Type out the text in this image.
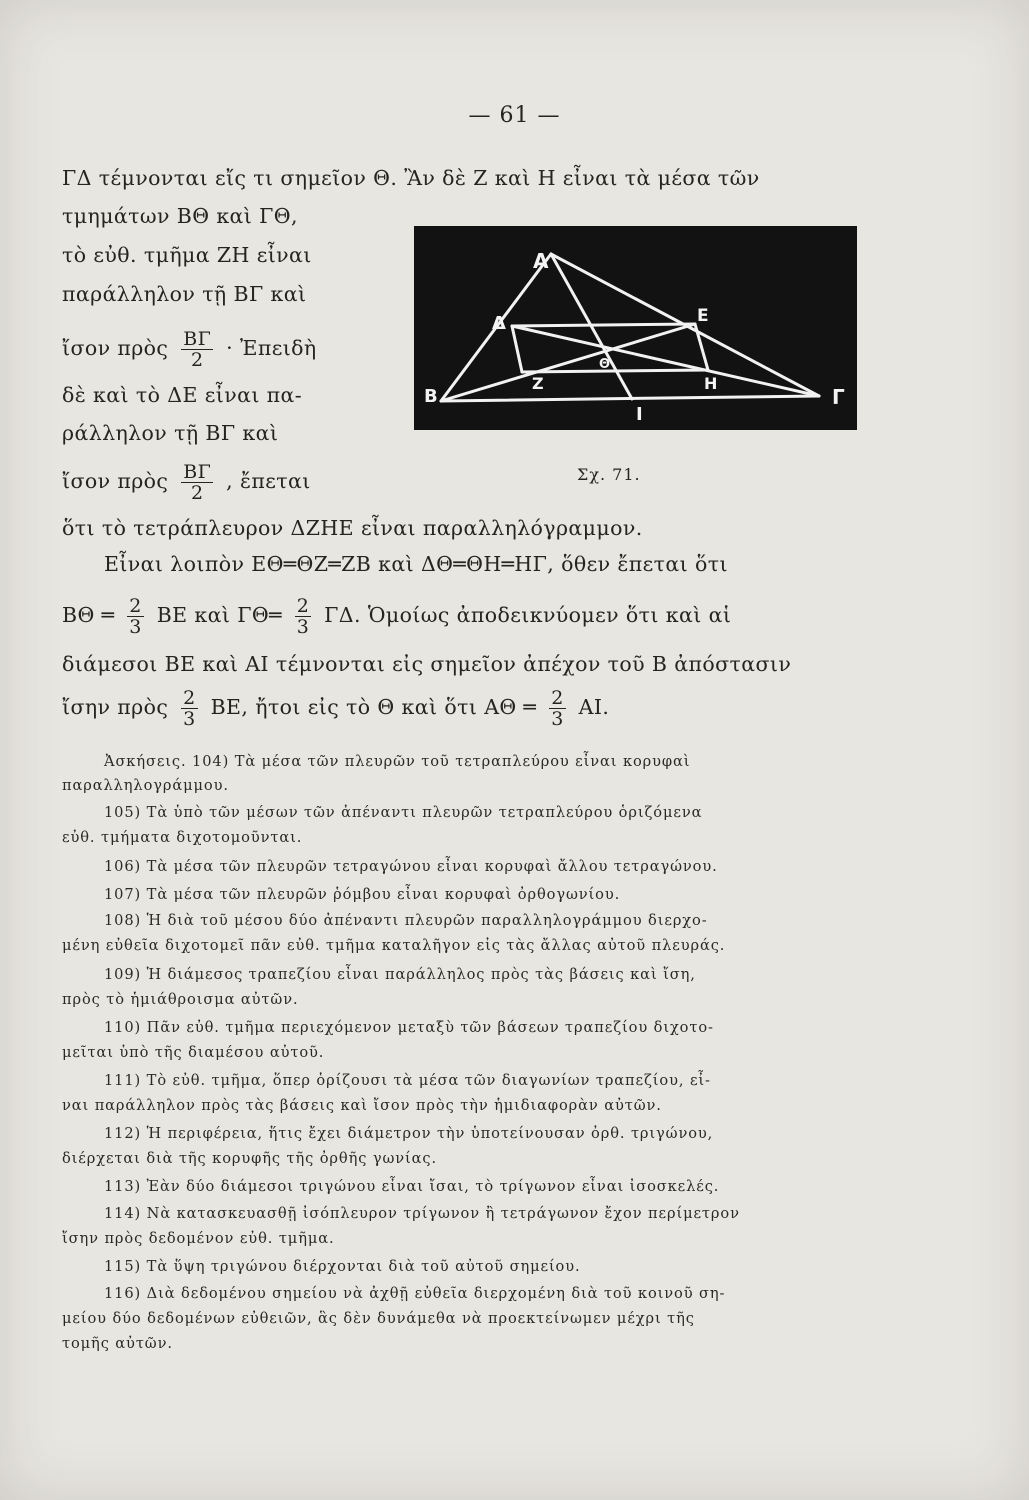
— 61 —
ΓΔ τέμνονται εἴς τι σημεῖον Θ. Ἂν δὲ Ζ καὶ Η εἶναι τὰ μέσα τῶν
τμημάτων ΒΘ καὶ ΓΘ,
τὸ εὐθ. τμῆμα ΖΗ εἶναι
παράλληλον τῇ ΒΓ καὶ
ἴσον πρὸς $\frac{B\Gamma}{2}$ · Ἐπειδὴ
δὲ καὶ τὸ ΔΕ εἶναι πα-
ράλληλον τῇ ΒΓ καὶ
ἴσον πρὸς $\frac{B\Gamma}{2}$ , ἔπεται
ὅτι τὸ τετράπλευρον ΔΖΗΕ εἶναι παραλληλόγραμμον.
Α
Δ	Ε
Θ
Ζ	Η
Β	Γ
Ι
Σχ. 71.
Εἶναι λοιπὸν ΕΘ═ΘΖ═ΖΒ καὶ ΔΘ═ΘΗ═ΗΓ, ὅθεν ἔπεται ὅτι
ΒΘ ═ $\frac{2}{3}$ ΒΕ καὶ ΓΘ═ $\frac{2}{3} \Gamma\Delta$. Ὁμοίως ἀποδεικνύομεν ὅτι καὶ αἱ
διάμεσοι ΒΕ καὶ ΑΙ τέμνονται εἰς σημεῖον ἀπέχον τοῦ Β ἀπόστασιν
ἴσην πρὸς $\frac{2}{3} BE$, ἤτοι εἰς τὸ Θ καὶ ὅτι ΑΘ ═ $\frac{2}{3} AI$.
Ἀσκήσεις. 104) Τὰ μέσα τῶν πλευρῶν τοῦ τετραπλεύρου εἶναι κορυφαὶ
παραλληλογράμμου.
105) Τὰ ὑπὸ τῶν μέσων τῶν ἀπέναντι πλευρῶν τετραπλεύρου ὁριζόμενα
εὐθ. τμήματα διχοτομοῦνται.
106) Τὰ μέσα τῶν πλευρῶν τετραγώνου εἶναι κορυφαὶ ἄλλου τετραγώνου.
107) Τὰ μέσα τῶν πλευρῶν ῥόμβου εἶναι κορυφαὶ ὀρθογωνίου.
108) Ἡ διὰ τοῦ μέσου δύο ἀπέναντι πλευρῶν παραλληλογράμμου διερχο-
μένη εὐθεῖα διχοτομεῖ πᾶν εὐθ. τμῆμα καταλῆγον εἰς τὰς ἄλλας αὐτοῦ πλευράς.
109) Ἡ διάμεσος τραπεζίου εἶναι παράλληλος πρὸς τὰς βάσεις καὶ ἴση,
πρὸς τὸ ἡμιάθροισμα αὐτῶν.
110) Πᾶν εὐθ. τμῆμα περιεχόμενον μεταξὺ τῶν βάσεων τραπεζίου διχοτο-
μεῖται ὑπὸ τῆς διαμέσου αὐτοῦ.
111) Τὸ εὐθ. τμῆμα, ὅπερ ὁρίζουσι τὰ μέσα τῶν διαγωνίων τραπεζίου, εἶ-
ναι παράλληλον πρὸς τὰς βάσεις καὶ ἴσον πρὸς τὴν ἡμιδιαφορὰν αὐτῶν.
112) Ἡ περιφέρεια, ἥτις ἔχει διάμετρον τὴν ὑποτείνουσαν ὀρθ. τριγώνου,
διέρχεται διὰ τῆς κορυφῆς τῆς ὀρθῆς γωνίας.
113) Ἐὰν δύο διάμεσοι τριγώνου εἶναι ἴσαι, τὸ τρίγωνον εἶναι ἰσοσκελές.
114) Νὰ κατασκευασθῇ ἰσόπλευρον τρίγωνον ἢ τετράγωνον ἔχον περίμετρον
ἴσην πρὸς δεδομένον εὐθ. τμῆμα.
115) Τὰ ὕψη τριγώνου διέρχονται διὰ τοῦ αὐτοῦ σημείου.
116) Διὰ δεδομένου σημείου νὰ ἀχθῇ εὐθεῖα διερχομένη διὰ τοῦ κοινοῦ ση-
μείου δύο δεδομένων εὐθειῶν, ἃς δὲν δυνάμεθα νὰ προεκτείνωμεν μέχρι τῆς
τομῆς αὐτῶν.
